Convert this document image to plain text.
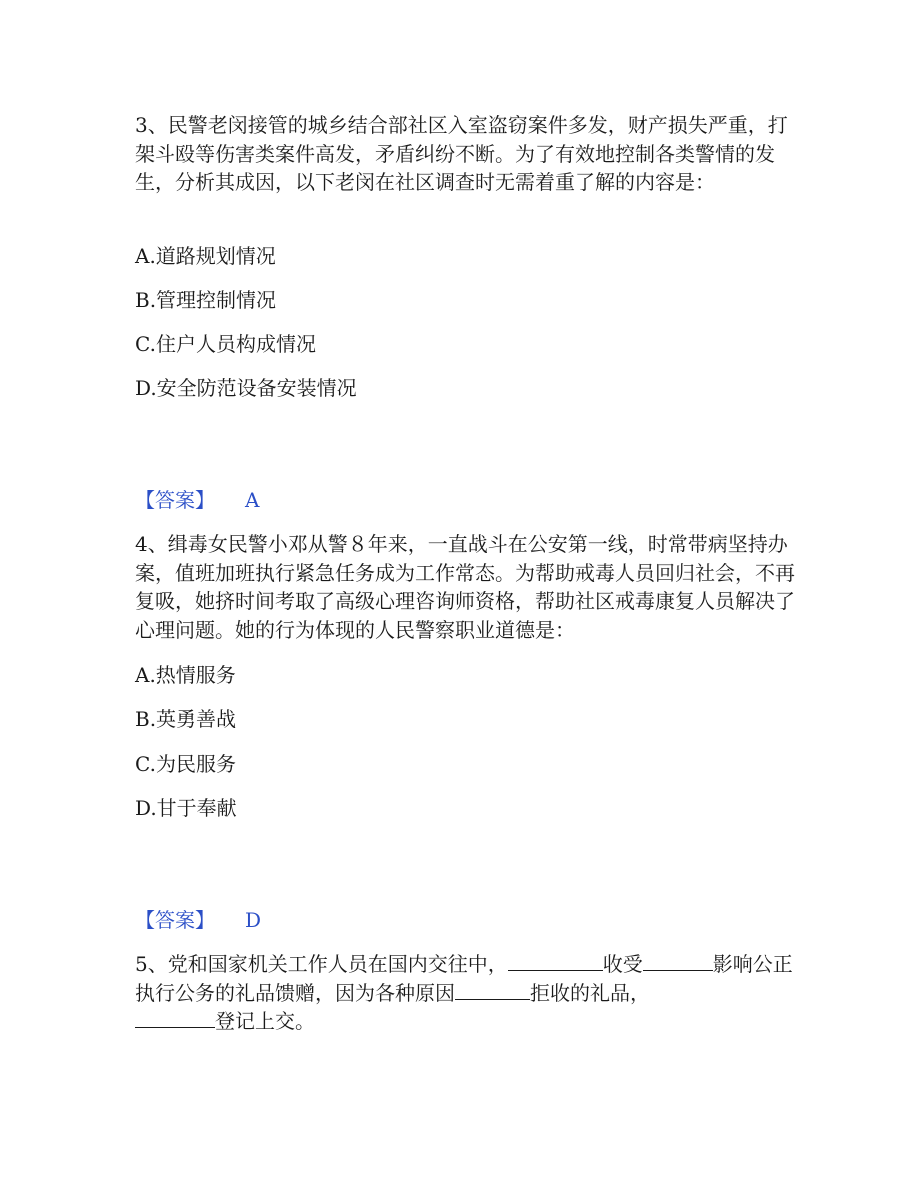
3、民警老闵接管的城乡结合部社区入室盗窃案件多发，财产损失严重，打架斗殴等伤害类案件高发，矛盾纠纷不断。为了有效地控制各类警情的发生，分析其成因，以下老闵在社区调查时无需着重了解的内容是：

A.道路规划情况
B.管理控制情况
C.住户人员构成情况
D.安全防范设备安装情况
【答案】 A

4、缉毒女民警小邓从警８年来，一直战斗在公安第一线，时常带病坚持办案，值班加班执行紧急任务成为工作常态。为帮助戒毒人员回归社会，不再复吸，她挤时间考取了高级心理咨询师资格，帮助社区戒毒康复人员解决了心理问题。她的行为体现的人民警察职业道德是：

A.热情服务
B.英勇善战
C.为民服务
D.甘于奉献
【答案】 D

5、党和国家机关工作人员在国内交往中，	收受	影响公正执行公务的礼品馈赠，因为各种原因	拒收的礼品，
登记上交。
